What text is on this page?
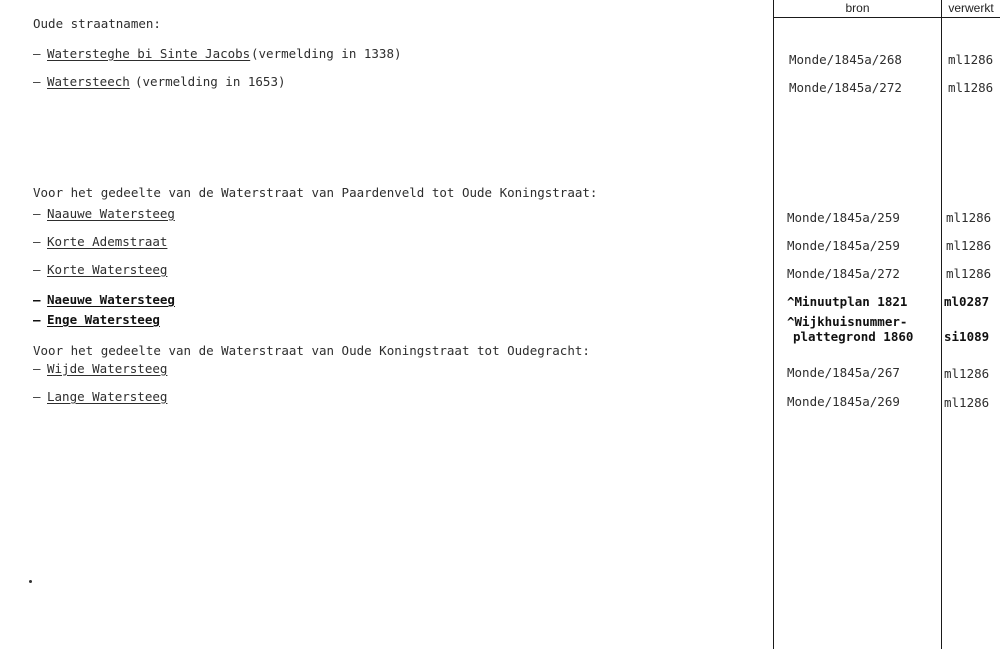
bron	verwerkt
Oude straatnamen:
– Watersteghe bi Sinte Jacobs (vermelding in 1338)	Monde/1845a/268	ml1286
– Watersteech (vermelding in 1653)	Monde/1845a/272	ml1286
Voor het gedeelte van de Waterstraat van Paardenveld tot Oude Koningstraat:
– Naauwe Watersteeg	Monde/1845a/259	ml1286
– Korte Ademstraat	Monde/1845a/259	ml1286
– Korte Watersteeg	Monde/1845a/272	ml1286
– Naeuwe Watersteeg	^Minuutplan 1821	ml0287
– Enge Watersteeg	^Wijkhuisnummer-
plattegrond 1860 si1089
Voor het gedeelte van de Waterstraat van Oude Koningstraat tot Oudegracht:
– Wijde Watersteeg	Monde/1845a/267	ml1286
– Lange Watersteeg	Monde/1845a/269	ml1286
